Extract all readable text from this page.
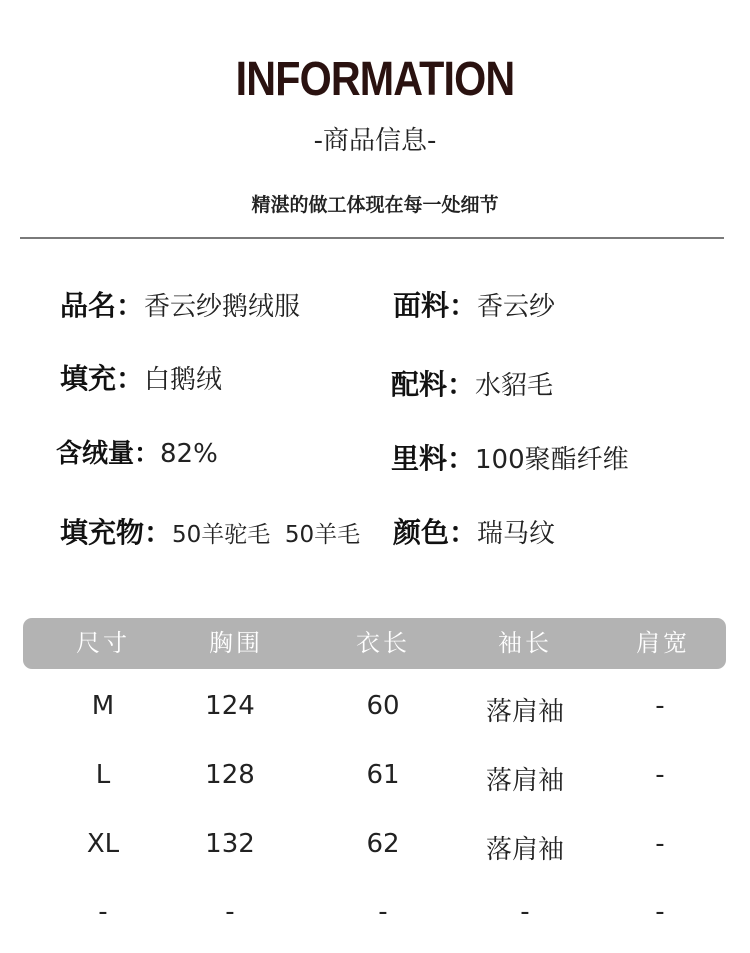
INFORMATION
-商品信息-
精湛的做工体现在每一处细节
品名： 香云纱鹅绒服	面料： 香云纱
填充： 白鹅绒	配料： 水貂毛
含绒量： 82%	里料： 100聚酯纤维
填充物： 50羊驼毛  50羊毛 颜色： 瑞马纹
尺寸	胸围	衣长	袖长	肩宽
M	124	60	落肩袖	-
L	128	61	落肩袖	-
XL	132	62	落肩袖	-
-	-	-	-	-
